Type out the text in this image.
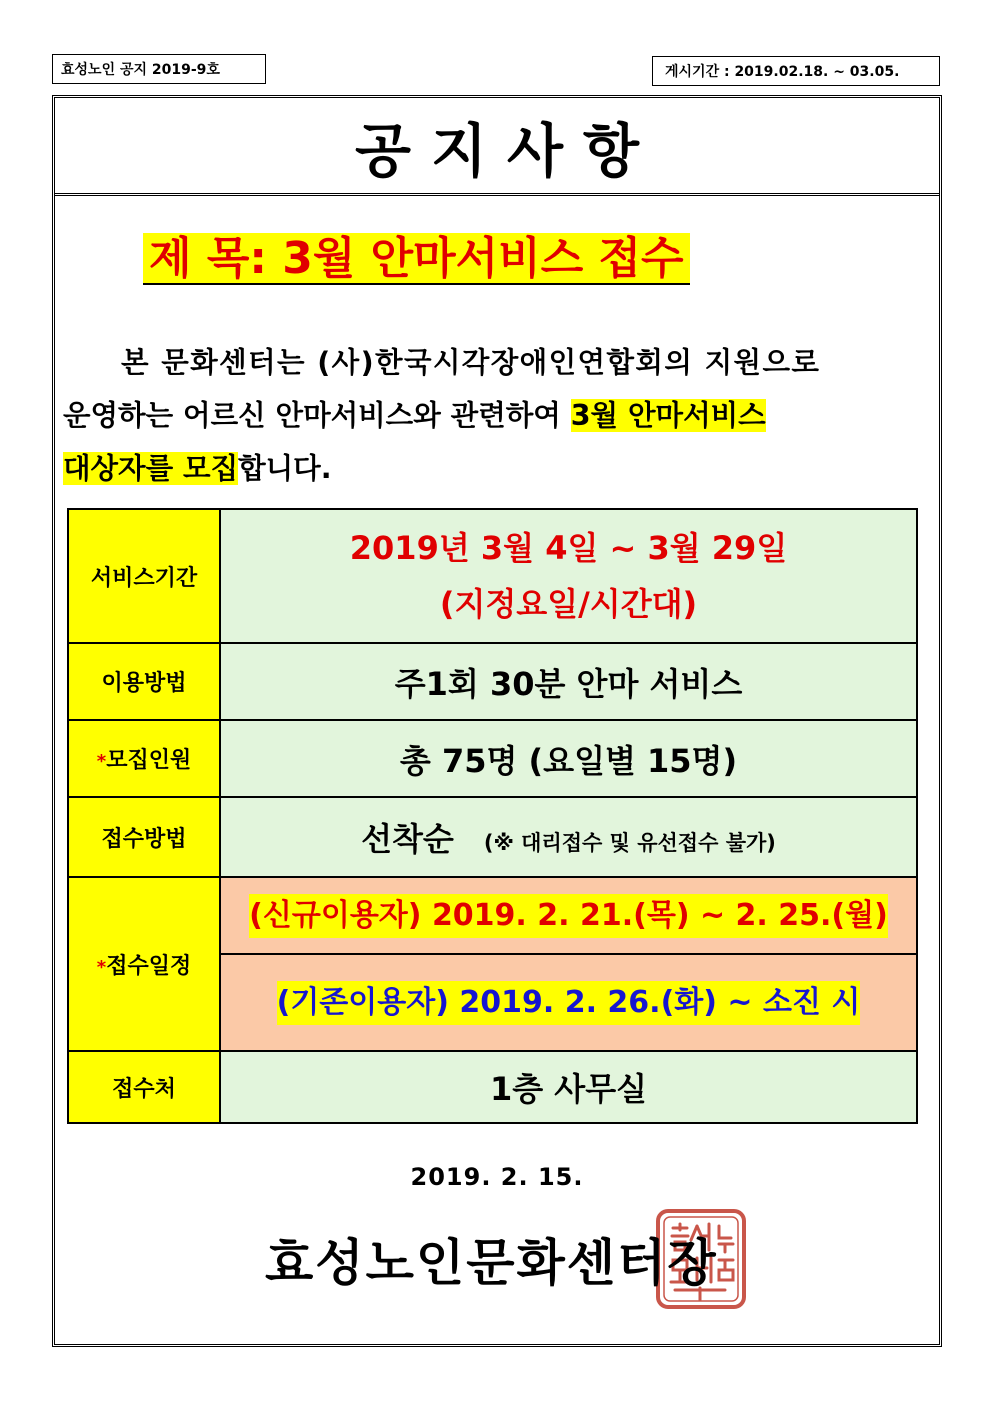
효성노인 공지 2019-9호	게시기간 : 2019.02.18. ~ 03.05.
공지사항
제 목: 3월 안마서비스 접수
본 문화센터는 (사)한국시각장애인연합회의 지원으로
운영하는 어르신 안마서비스와 관련하여 3월 안마서비스
대상자를 모집합니다.
서비스기간	2019년 3월 4일 ~ 3월 29일
(지정요일/시간대)

이용방법	주1회 30분 안마 서비스
*모집인원	총 75명 (요일별 15명)
접수방법	선착순 (※ 대리접수 및 유선접수 불가)
*접수일정	(신규이용자) 2019. 2. 21.(목) ~ 2. 25.(월)
	(기존이용자) 2019. 2. 26.(화) ~ 소진 시
접수처	1층 사무실
2019. 2. 15.
효성노인문화센터장
